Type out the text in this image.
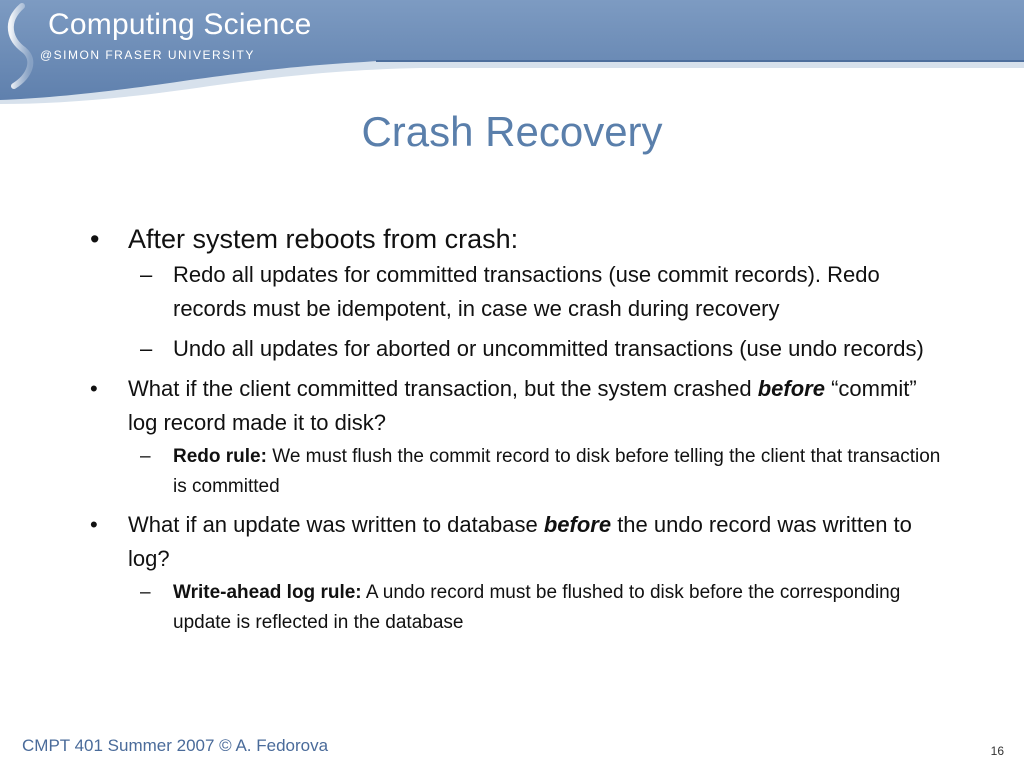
Computing Science
@SIMON FRASER UNIVERSITY
Crash Recovery
• After system reboots from crash:
– Redo all updates for committed transactions (use commit records). Redo records must be idempotent, in case we crash during recovery
– Undo all updates for aborted or uncommitted transactions (use undo records)
• What if the client committed transaction, but the system crashed before “commit” log record made it to disk?
– Redo rule: We must flush the commit record to disk before telling the client that transaction is committed
• What if an update was written to database before the undo record was written to log?
– Write-ahead log rule: A undo record must be flushed to disk before the corresponding update is reflected in the database
CMPT 401 Summer 2007 © A. Fedorova	16
